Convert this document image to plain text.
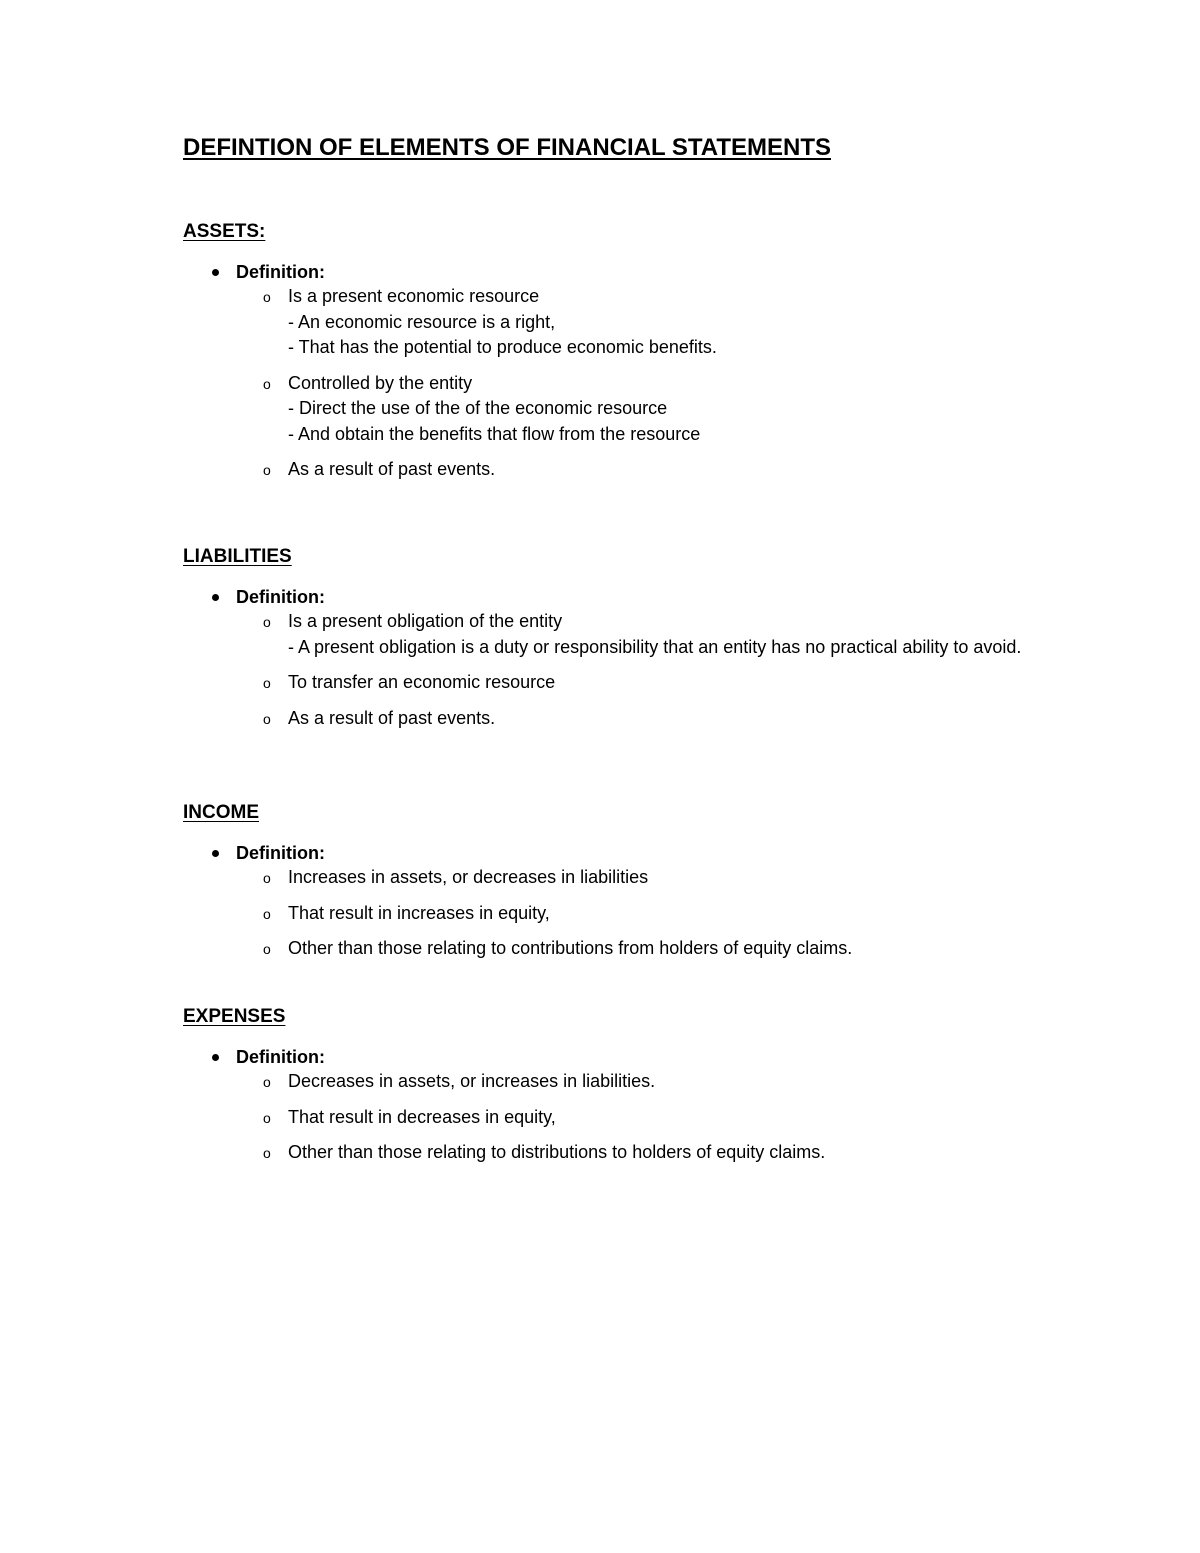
DEFINTION OF ELEMENTS OF FINANCIAL STATEMENTS
ASSETS:
Definition:
o Is a present economic resource
- An economic resource is a right,
- That has the potential to produce economic benefits.
o Controlled by the entity
- Direct the use of the of the economic resource
- And obtain the benefits that flow from the resource
o As a result of past events.
LIABILITIES
Definition:
o Is a present obligation of the entity
- A present obligation is a duty or responsibility that an entity has no practical ability to avoid.
o To transfer an economic resource
o As a result of past events.
INCOME
Definition:
o Increases in assets, or decreases in liabilities
o That result in increases in equity,
o Other than those relating to contributions from holders of equity claims.
EXPENSES
Definition:
o Decreases in assets, or increases in liabilities.
o That result in decreases in equity,
o Other than those relating to distributions to holders of equity claims.
